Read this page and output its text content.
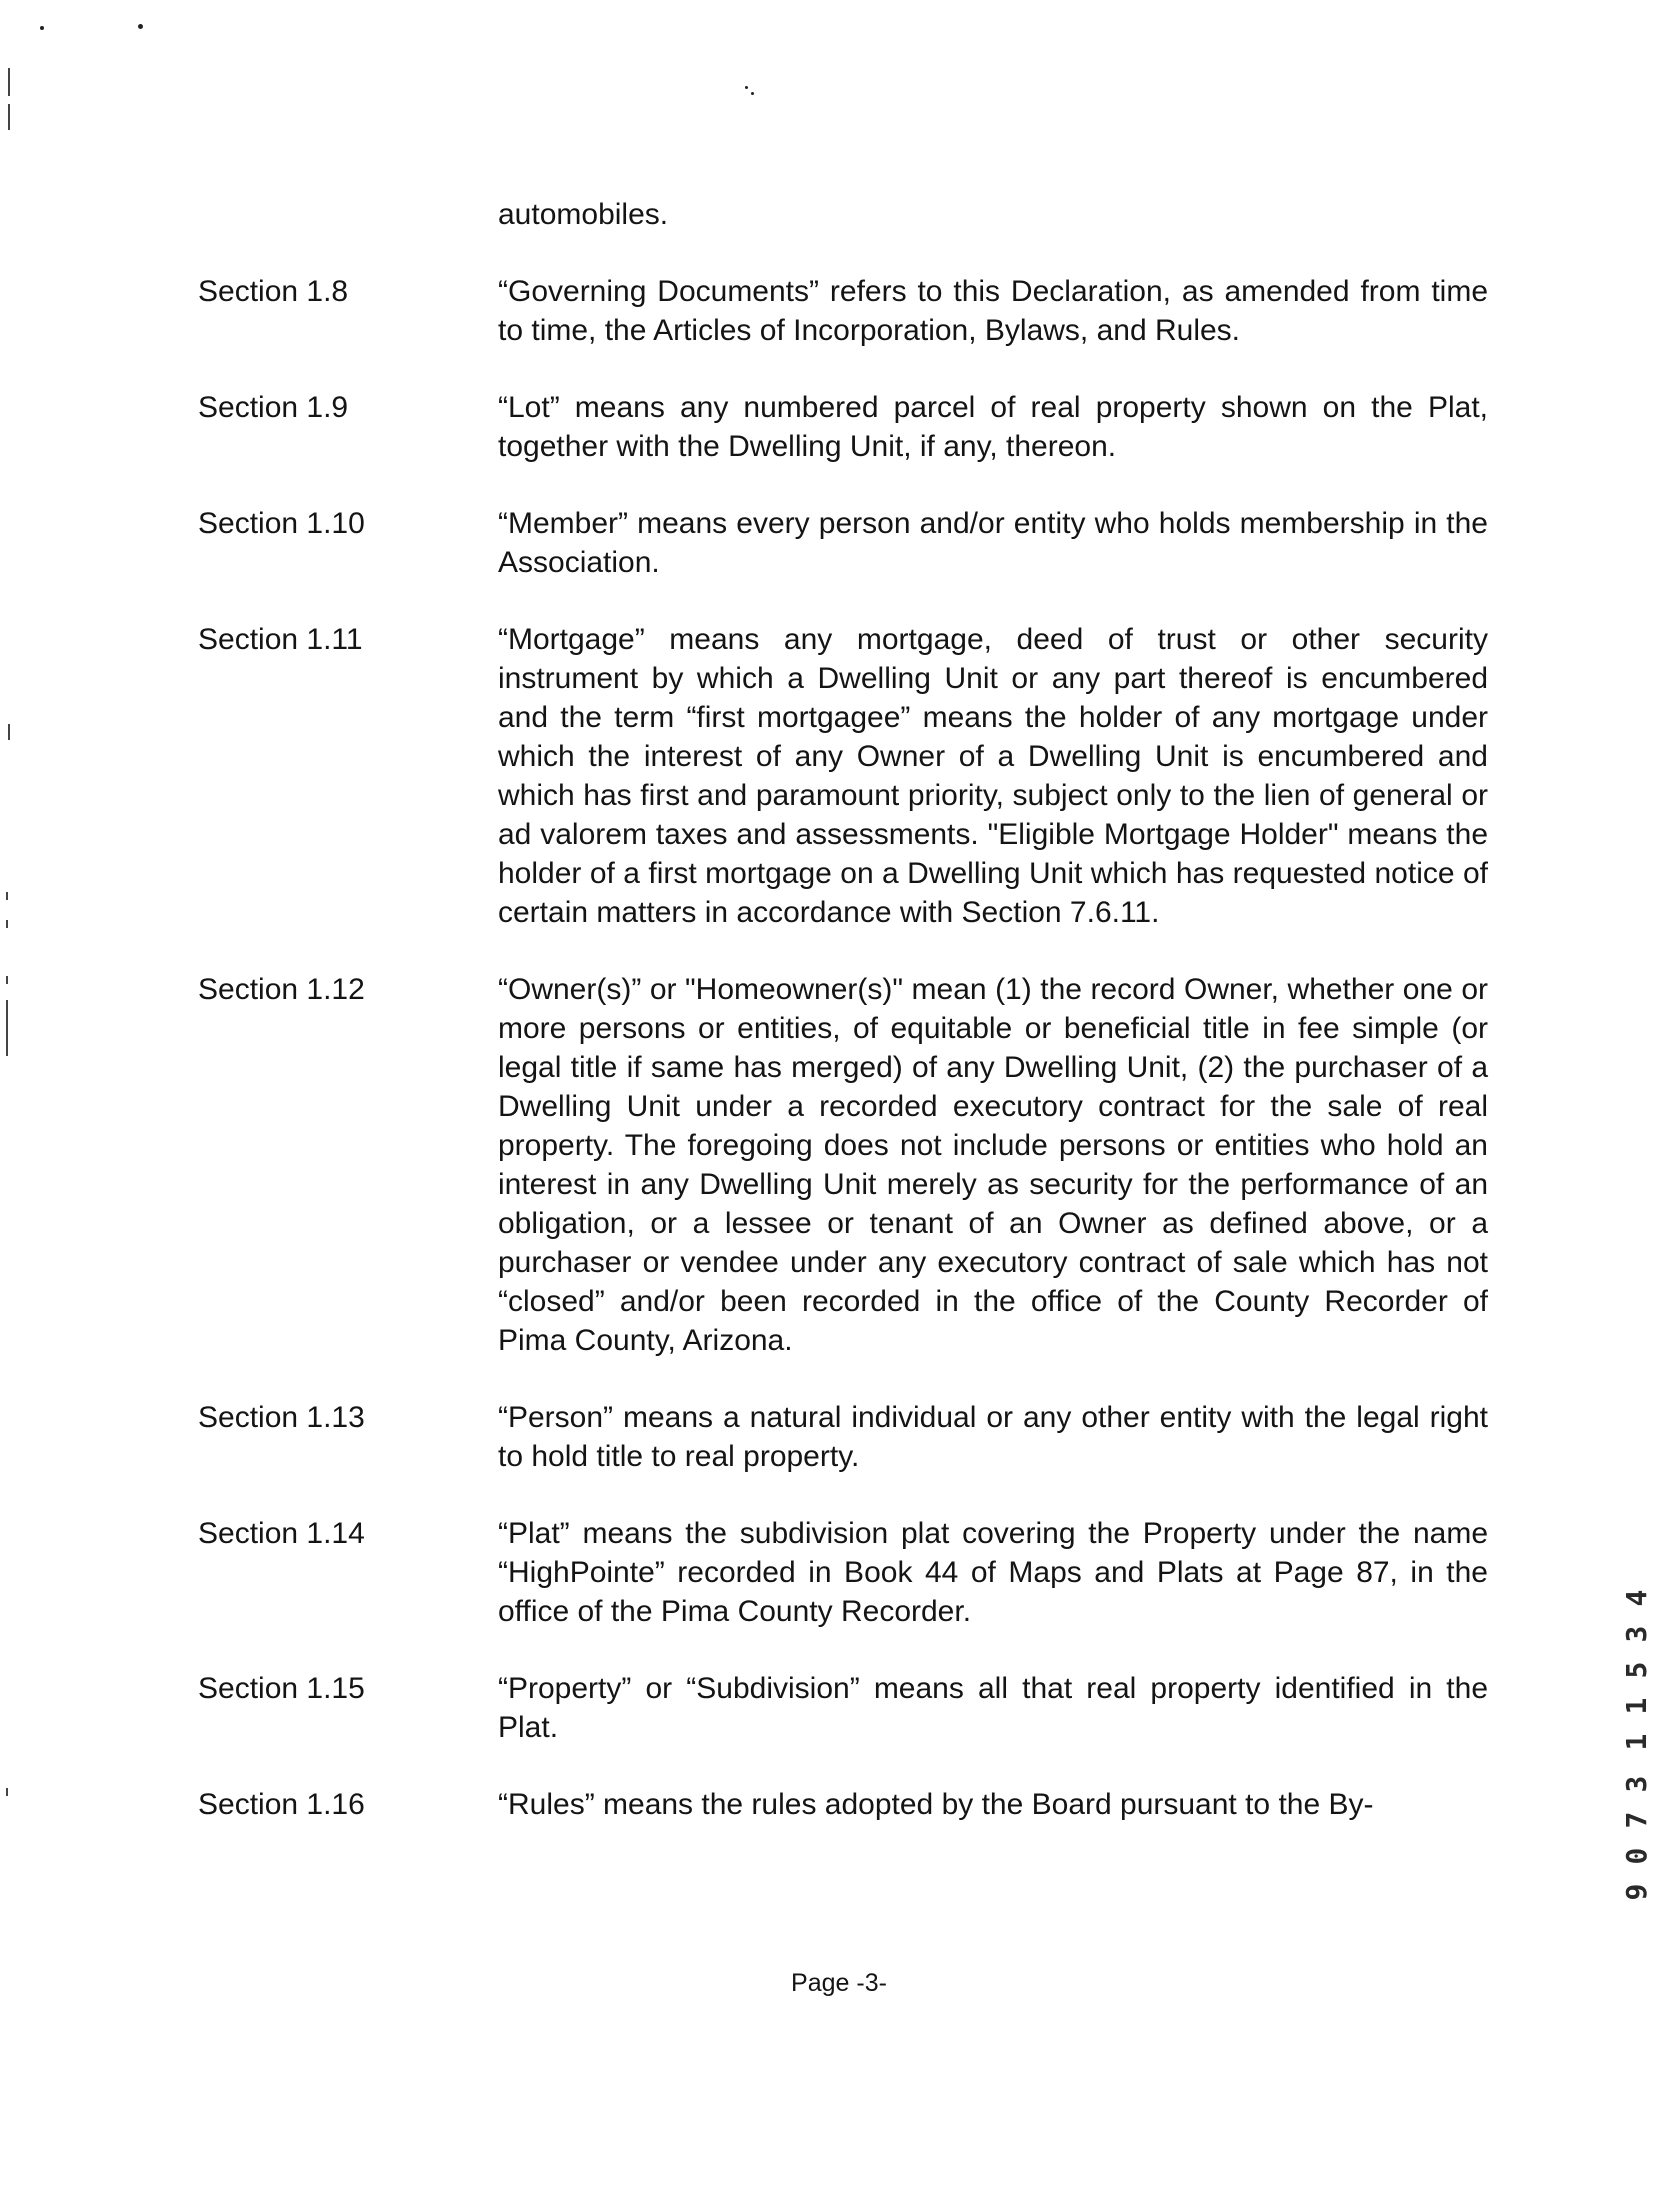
automobiles.
Section 1.8	“Governing Documents” refers to this Declaration, as amended from time to time, the Articles of Incorporation, Bylaws, and Rules.
Section 1.9	“Lot” means any numbered parcel of real property shown on the Plat, together with the Dwelling Unit, if any, thereon.
Section 1.10	“Member” means every person and/or entity who holds membership in the Association.
Section 1.11	“Mortgage” means any mortgage, deed of trust or other security instrument by which a Dwelling Unit or any part thereof is encumbered and the term “first mortgagee” means the holder of any mortgage under which the interest of any Owner of a Dwelling Unit is encumbered and which has first and paramount priority, subject only to the lien of general or ad valorem taxes and assessments. "Eligible Mortgage Holder" means the holder of a first mortgage on a Dwelling Unit which has requested notice of certain matters in accordance with Section 7.6.11.
Section 1.12	“Owner(s)” or "Homeowner(s)" mean (1) the record Owner, whether one or more persons or entities, of equitable or beneficial title in fee simple (or legal title if same has merged) of any Dwelling Unit, (2) the purchaser of a Dwelling Unit under a recorded executory contract for the sale of real property. The foregoing does not include persons or entities who hold an interest in any Dwelling Unit merely as security for the performance of an obligation, or a lessee or tenant of an Owner as defined above, or a purchaser or vendee under any executory contract of sale which has not “closed” and/or been recorded in the office of the County Recorder of Pima County, Arizona.
Section 1.13	“Person” means a natural individual or any other entity with the legal right to hold title to real property.
Section 1.14	“Plat” means the subdivision plat covering the Property under the name “HighPointe” recorded in Book 44 of Maps and Plats at Page 87, in the office of the Pima County Recorder.
Section 1.15	“Property” or “Subdivision” means all that real property identified in the Plat.
Section 1.16	“Rules” means the rules adopted by the Board pursuant to the By-
Page -3-
4
3
5
1
1
3
7
0
9
